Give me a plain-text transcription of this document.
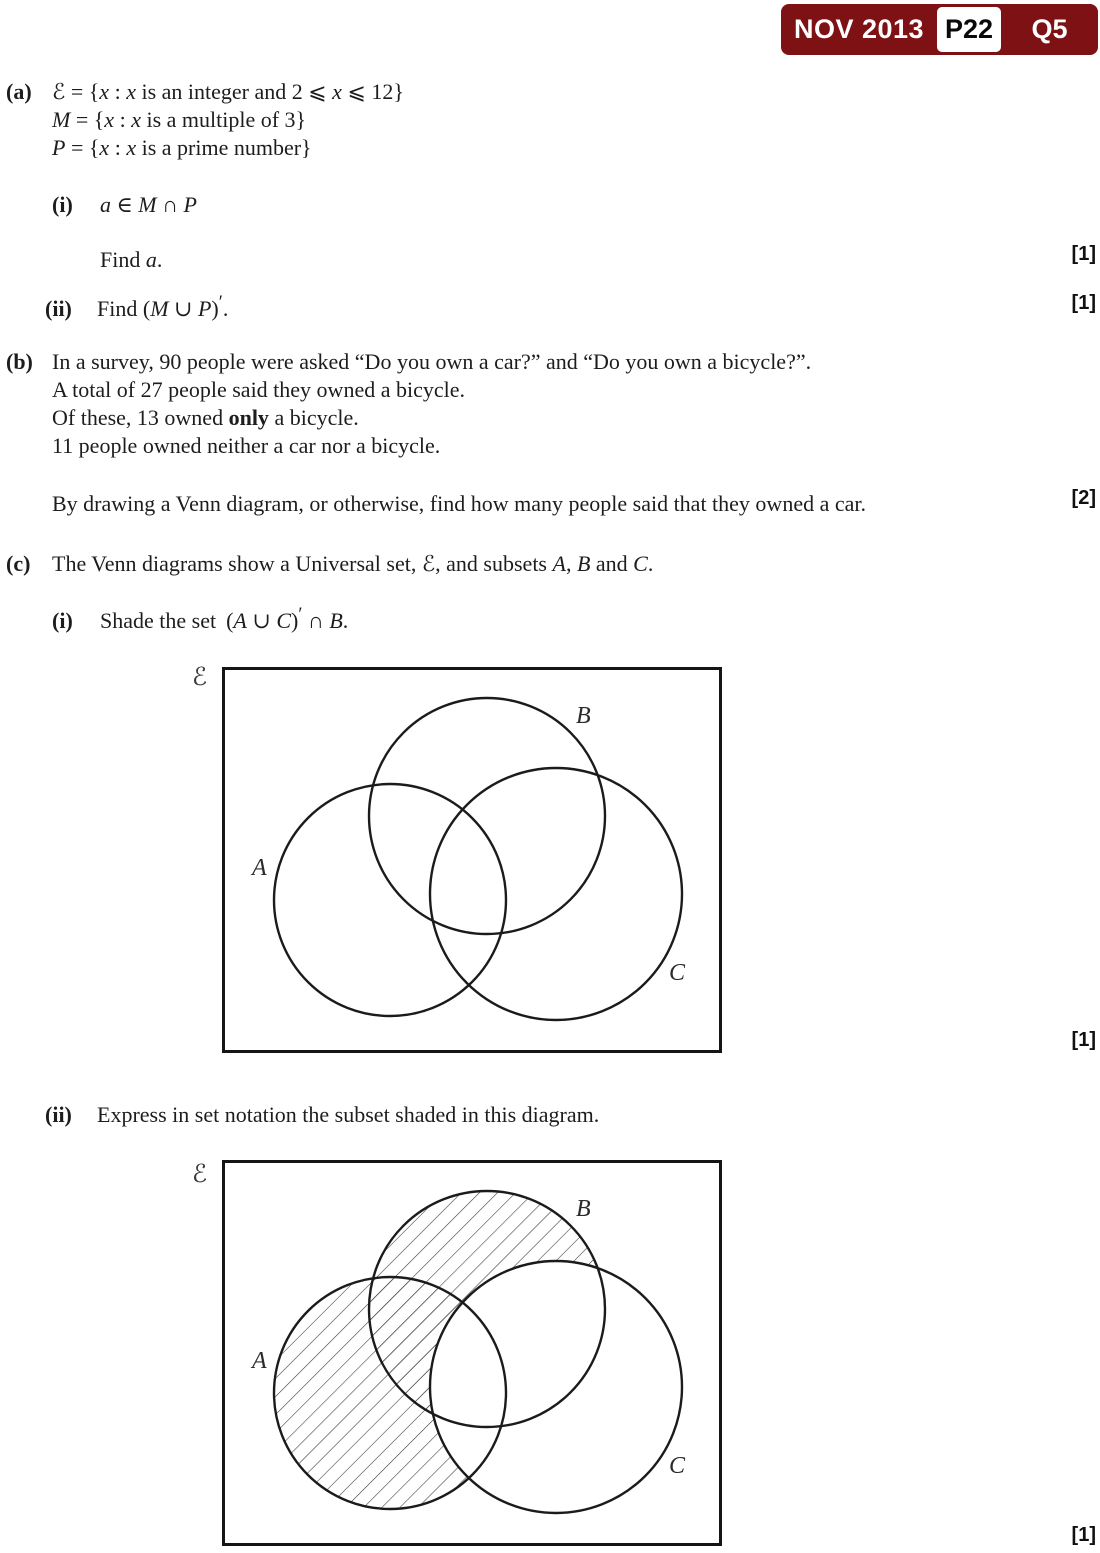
NOV 2013 P22	Q5
(a) ℰ = {x : x is an integer and 2 ⩽ x ⩽ 12}
M = {x : x is a multiple of 3}
P = {x : x is a prime number}
(i) a ∈ M ∩ P
Find a.	[1]
(ii) Find (M ∪ P)′.	[1]
(b) In a survey, 90 people were asked “Do you own a car?” and “Do you own a bicycle?”.
A total of 27 people said they owned a bicycle.
Of these, 13 owned only a bicycle.
11 people owned neither a car nor a bicycle.
By drawing a Venn diagram, or otherwise, find how many people said that they owned a car.	[2]
(c) The Venn diagrams show a Universal set, ℰ, and subsets A, B and C.
(i) Shade the set (A ∪ C)′ ∩ B.
ℰ
A
B
C
[1]
(ii) Express in set notation the subset shaded in this diagram.
ℰ
A
B
C
[1]
